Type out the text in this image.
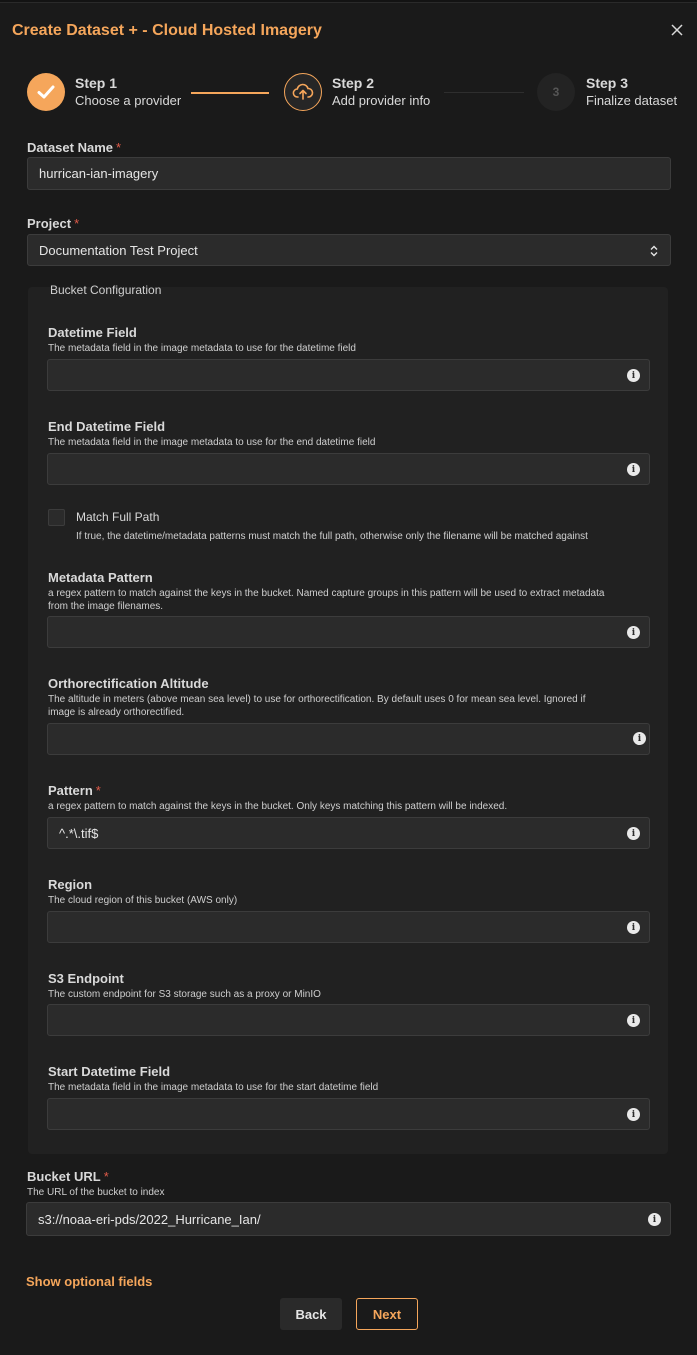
Create Dataset + - Cloud Hosted Imagery
Step 1
Choose a provider
Step 2
Add provider info
3
Step 3
Finalize dataset
Dataset Name *
hurrican-ian-imagery
Project *
Documentation Test Project
Bucket Configuration
Datetime Field
The metadata field in the image metadata to use for the datetime field
i
End Datetime Field
The metadata field in the image metadata to use for the end datetime field
i
Match Full Path
If true, the datetime/metadata patterns must match the full path, otherwise only the filename will be matched against
Metadata Pattern
a regex pattern to match against the keys in the bucket. Named capture groups in this pattern will be used to extract metadata
from the image filenames.
i
Orthorectification Altitude
The altitude in meters (above mean sea level) to use for orthorectification. By default uses 0 for mean sea level. Ignored if
image is already orthorectified.
i
Pattern *
a regex pattern to match against the keys in the bucket. Only keys matching this pattern will be indexed.
^.*\.tif$	i
Region
The cloud region of this bucket (AWS only)
i
S3 Endpoint
The custom endpoint for S3 storage such as a proxy or MinIO
i
Start Datetime Field
The metadata field in the image metadata to use for the start datetime field
i
Bucket URL *
The URL of the bucket to index
s3://noaa-eri-pds/2022_Hurricane_Ian/	i
Show optional fields
Back	Next
